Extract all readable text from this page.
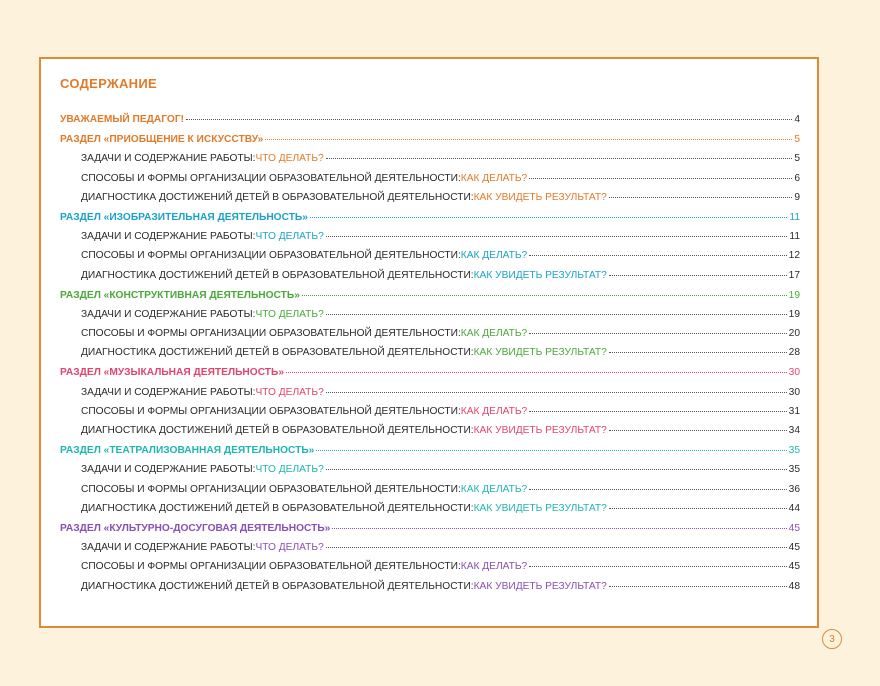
СОДЕРЖАНИЕ
УВАЖАЕМЫЙ ПЕДАГОГ!	4
РАЗДЕЛ «ПРИОБЩЕНИЕ К ИСКУССТВУ»	5
ЗАДАЧИ И СОДЕРЖАНИЕ РАБОТЫ: ЧТО ДЕЛАТЬ?	5
СПОСОБЫ И ФОРМЫ ОРГАНИЗАЦИИ ОБРАЗОВАТЕЛЬНОЙ ДЕЯТЕЛЬНОСТИ: КАК ДЕЛАТЬ?	6
ДИАГНОСТИКА ДОСТИЖЕНИЙ ДЕТЕЙ В ОБРАЗОВАТЕЛЬНОЙ ДЕЯТЕЛЬНОСТИ: КАК УВИДЕТЬ РЕЗУЛЬТАТ?	9
РАЗДЕЛ «ИЗОБРАЗИТЕЛЬНАЯ ДЕЯТЕЛЬНОСТЬ»	11
ЗАДАЧИ И СОДЕРЖАНИЕ РАБОТЫ: ЧТО ДЕЛАТЬ?	11
СПОСОБЫ И ФОРМЫ ОРГАНИЗАЦИИ ОБРАЗОВАТЕЛЬНОЙ ДЕЯТЕЛЬНОСТИ: КАК ДЕЛАТЬ?	12
ДИАГНОСТИКА ДОСТИЖЕНИЙ ДЕТЕЙ В ОБРАЗОВАТЕЛЬНОЙ ДЕЯТЕЛЬНОСТИ: КАК УВИДЕТЬ РЕЗУЛЬТАТ?	17
РАЗДЕЛ «КОНСТРУКТИВНАЯ ДЕЯТЕЛЬНОСТЬ»	19
ЗАДАЧИ И СОДЕРЖАНИЕ РАБОТЫ: ЧТО ДЕЛАТЬ?	19
СПОСОБЫ И ФОРМЫ ОРГАНИЗАЦИИ ОБРАЗОВАТЕЛЬНОЙ ДЕЯТЕЛЬНОСТИ: КАК ДЕЛАТЬ?	20
ДИАГНОСТИКА ДОСТИЖЕНИЙ ДЕТЕЙ В ОБРАЗОВАТЕЛЬНОЙ ДЕЯТЕЛЬНОСТИ: КАК УВИДЕТЬ РЕЗУЛЬТАТ?	28
РАЗДЕЛ «МУЗЫКАЛЬНАЯ ДЕЯТЕЛЬНОСТЬ»	30
ЗАДАЧИ И СОДЕРЖАНИЕ РАБОТЫ: ЧТО ДЕЛАТЬ?	30
СПОСОБЫ И ФОРМЫ ОРГАНИЗАЦИИ ОБРАЗОВАТЕЛЬНОЙ ДЕЯТЕЛЬНОСТИ: КАК ДЕЛАТЬ?	31
ДИАГНОСТИКА ДОСТИЖЕНИЙ ДЕТЕЙ В ОБРАЗОВАТЕЛЬНОЙ ДЕЯТЕЛЬНОСТИ: КАК УВИДЕТЬ РЕЗУЛЬТАТ?	34
РАЗДЕЛ «ТЕАТРАЛИЗОВАННАЯ ДЕЯТЕЛЬНОСТЬ»	35
ЗАДАЧИ И СОДЕРЖАНИЕ РАБОТЫ: ЧТО ДЕЛАТЬ?	35
СПОСОБЫ И ФОРМЫ ОРГАНИЗАЦИИ ОБРАЗОВАТЕЛЬНОЙ ДЕЯТЕЛЬНОСТИ: КАК ДЕЛАТЬ?	36
ДИАГНОСТИКА ДОСТИЖЕНИЙ ДЕТЕЙ В ОБРАЗОВАТЕЛЬНОЙ ДЕЯТЕЛЬНОСТИ: КАК УВИДЕТЬ РЕЗУЛЬТАТ?	44
РАЗДЕЛ «КУЛЬТУРНО-ДОСУГОВАЯ ДЕЯТЕЛЬНОСТЬ»	45
ЗАДАЧИ И СОДЕРЖАНИЕ РАБОТЫ: ЧТО ДЕЛАТЬ?	45
СПОСОБЫ И ФОРМЫ ОРГАНИЗАЦИИ ОБРАЗОВАТЕЛЬНОЙ ДЕЯТЕЛЬНОСТИ: КАК ДЕЛАТЬ?	45
ДИАГНОСТИКА ДОСТИЖЕНИЙ ДЕТЕЙ В ОБРАЗОВАТЕЛЬНОЙ ДЕЯТЕЛЬНОСТИ: КАК УВИДЕТЬ РЕЗУЛЬТАТ?	48
3
